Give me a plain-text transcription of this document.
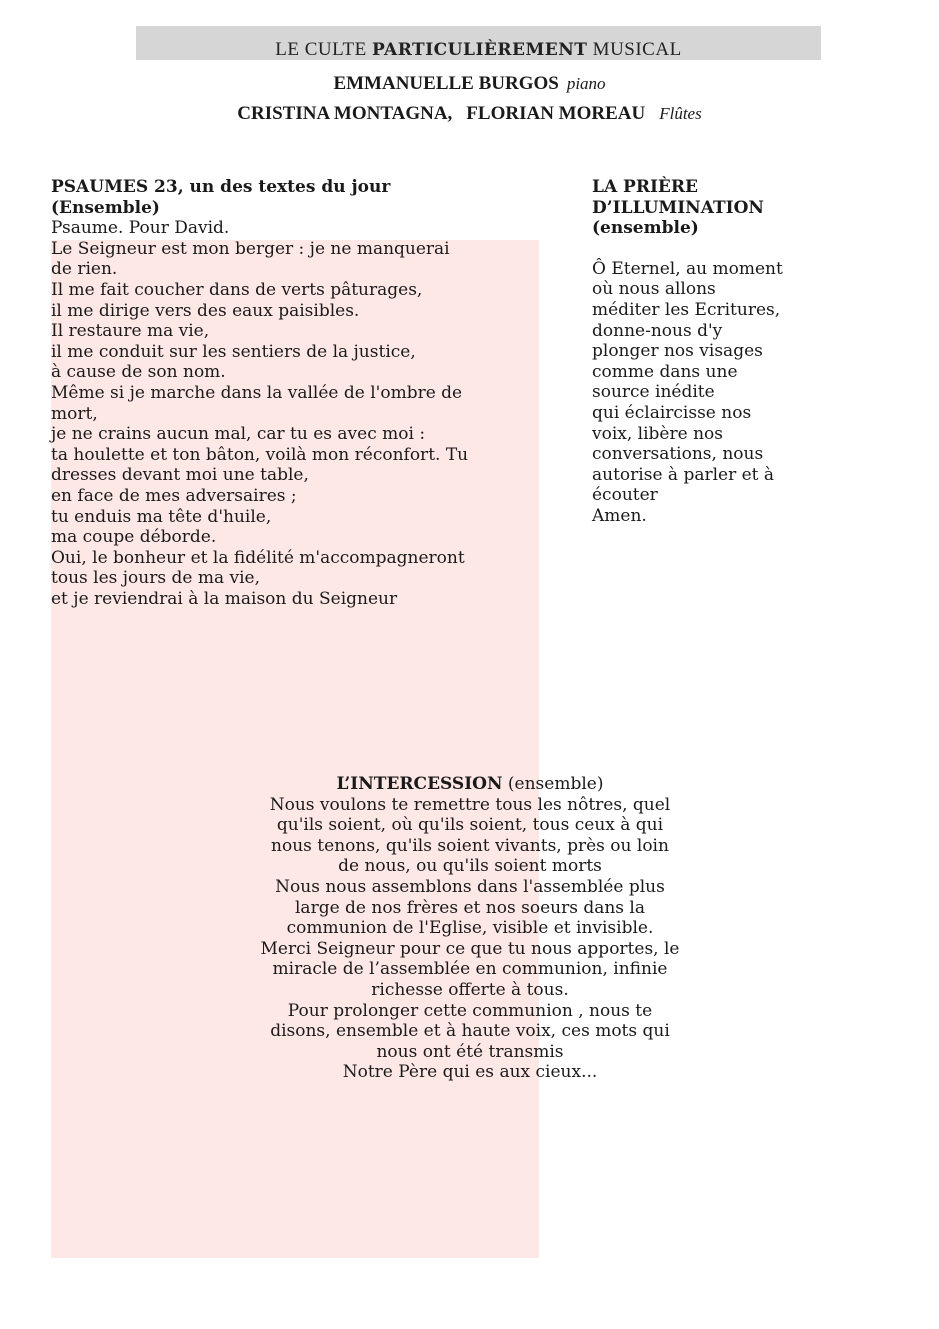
LE CULTE PARTICULIÈREMENT MUSICAL
EMMANUELLE BURGOS piano
CRISTINA MONTAGNA, FLORIAN MOREAU Flûtes
PSAUMES 23, un des textes du jour
(Ensemble)
Psaume. Pour David.
Le Seigneur est mon berger : je ne manquerai
de rien.
Il me fait coucher dans de verts pâturages,
il me dirige vers des eaux paisibles.
Il restaure ma vie,
il me conduit sur les sentiers de la justice,
à cause de son nom.
Même si je marche dans la vallée de l'ombre de
mort,
je ne crains aucun mal, car tu es avec moi :
ta houlette et ton bâton, voilà mon réconfort. Tu
dresses devant moi une table,
en face de mes adversaires ;
tu enduis ma tête d'huile,
ma coupe déborde.
Oui, le bonheur et la fidélité m'accompagneront
tous les jours de ma vie,
et je reviendrai à la maison du Seigneur
LA PRIÈRE
D’ILLUMINATION
(ensemble)
Ô Eternel, au moment
où nous allons
méditer les Ecritures,
donne-nous d'y
plonger nos visages
comme dans une
source inédite
qui éclaircisse nos
voix, libère nos
conversations, nous
autorise à parler et à
écouter
Amen.
L’INTERCESSION (ensemble)
Nous voulons te remettre tous les nôtres, quel
qu'ils soient, où qu'ils soient, tous ceux à qui
nous tenons, qu'ils soient vivants, près ou loin
de nous, ou qu'ils soient morts
Nous nous assemblons dans l'assemblée plus
large de nos frères et nos soeurs dans la
communion de l'Eglise, visible et invisible.
Merci Seigneur pour ce que tu nous apportes, le
miracle de l’assemblée en communion, infinie
richesse offerte à tous.
Pour prolonger cette communion , nous te
disons, ensemble et à haute voix, ces mots qui
nous ont été transmis
Notre Père qui es aux cieux...
